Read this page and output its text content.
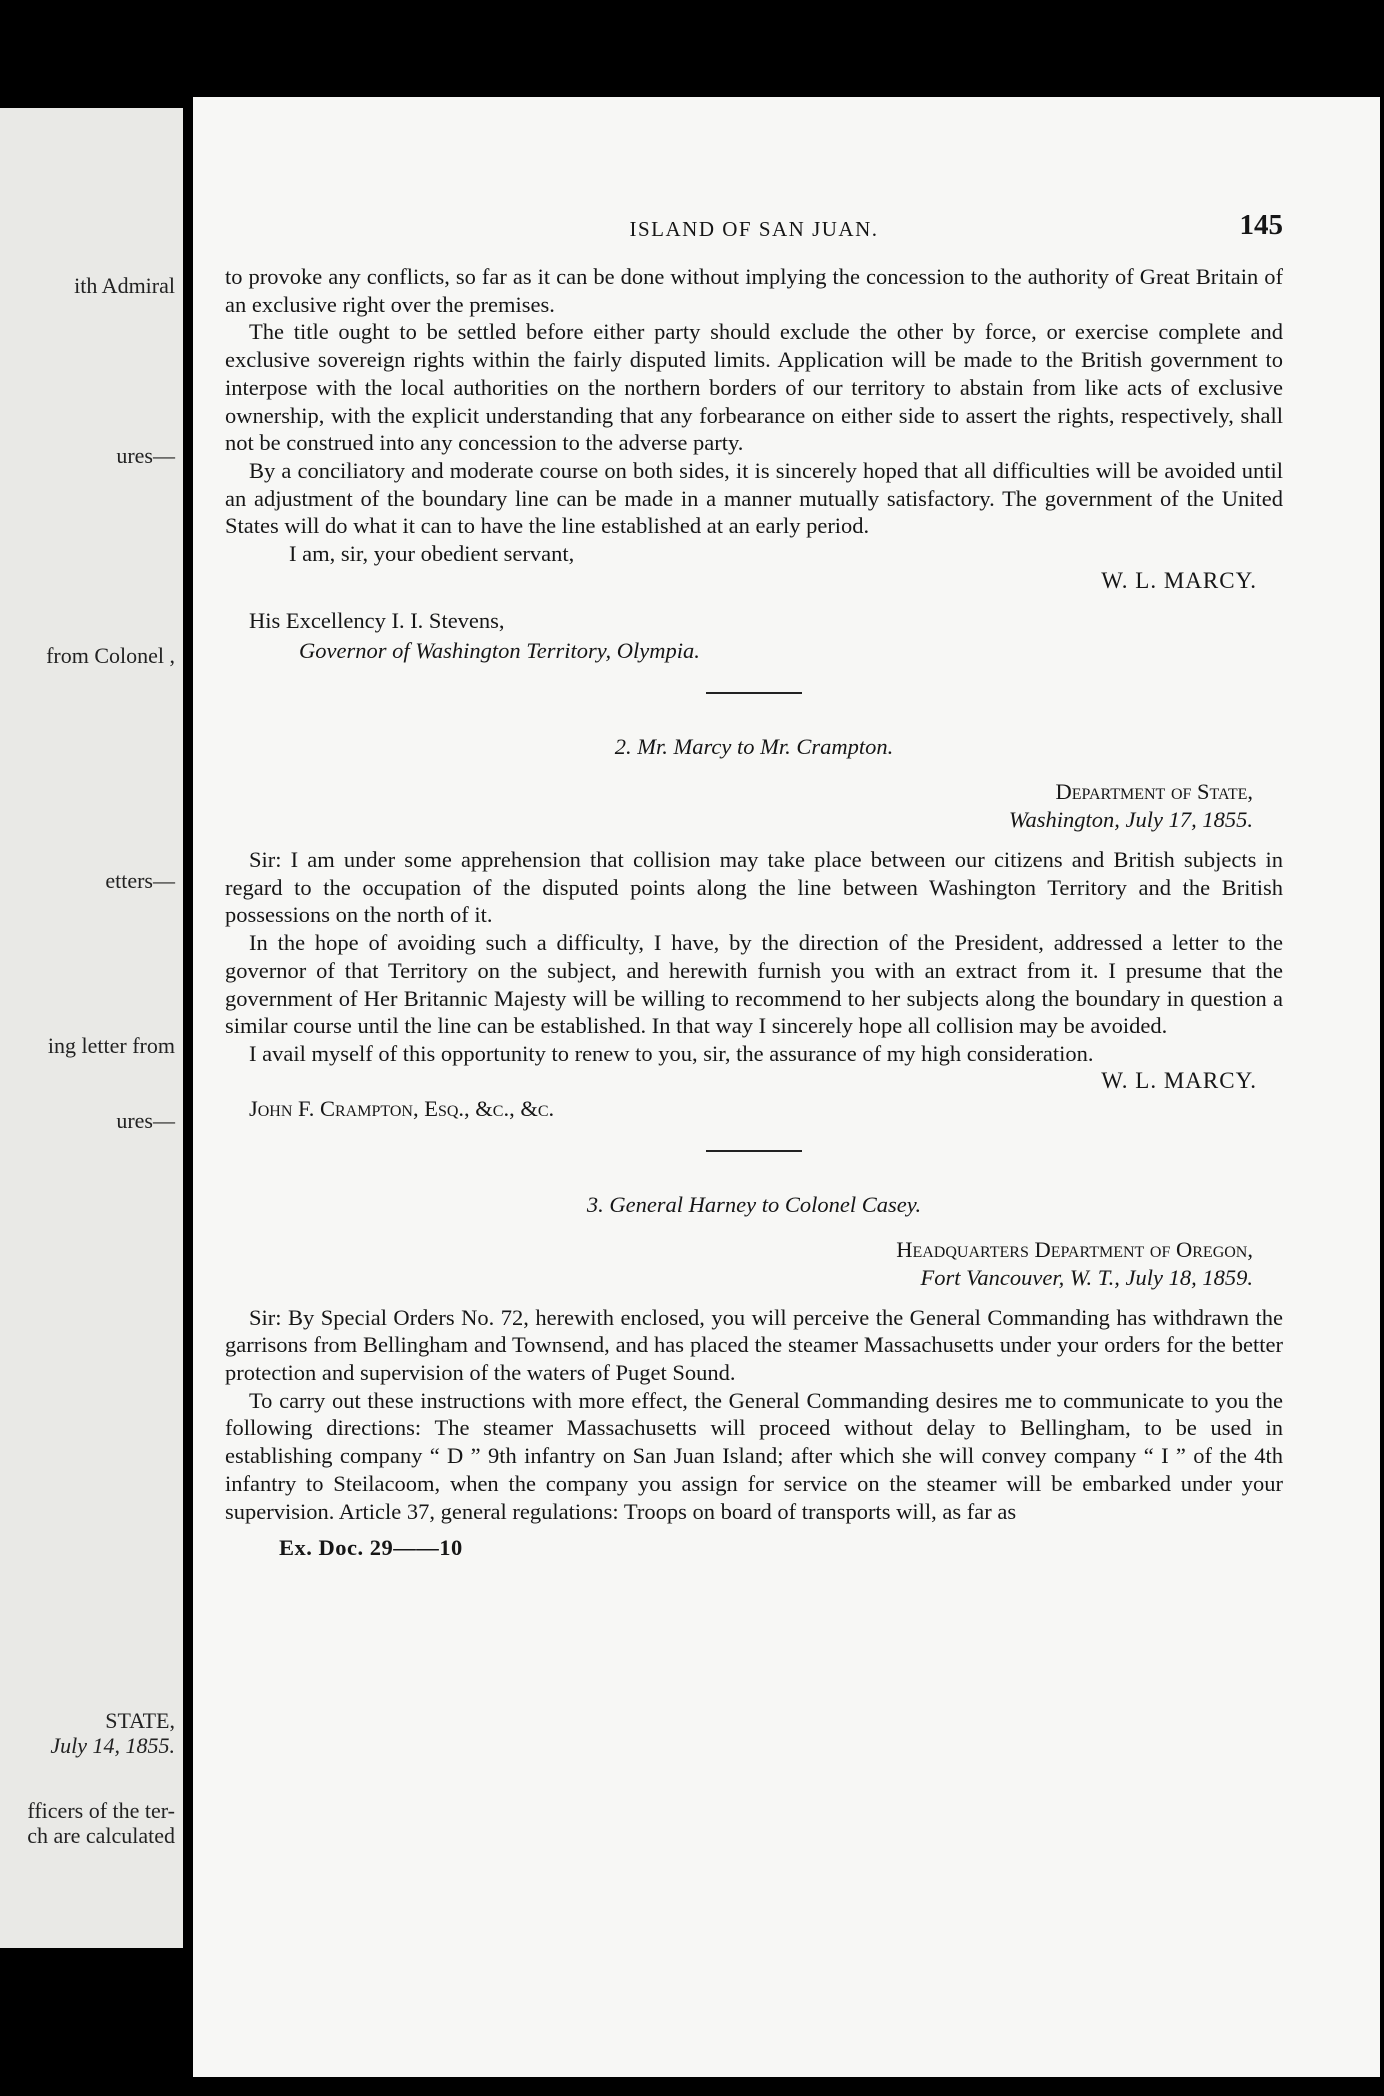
ith Admiral
ures—
from Colonel ,
etters—
ing letter from
ures—
STATE,
July 14, 1855.
fficers of the ter-
ch are calculated
ISLAND OF SAN JUAN.	145

to provoke any conflicts, so far as it can be done without implying the concession to the authority of Great Britain of an exclusive right over the premises.

The title ought to be settled before either party should exclude the other by force, or exercise complete and exclusive sovereign rights within the fairly disputed limits. Application will be made to the British government to interpose with the local authorities on the northern borders of our territory to abstain from like acts of exclusive ownership, with the explicit understanding that any forbearance on either side to assert the rights, respectively, shall not be construed into any concession to the adverse party.

By a conciliatory and moderate course on both sides, it is sincerely hoped that all difficulties will be avoided until an adjustment of the boundary line can be made in a manner mutually satisfactory. The government of the United States will do what it can to have the line established at an early period.

I am, sir, your obedient servant,
W. L. MARCY.
His Excellency I. I. Stevens,
Governor of Washington Territory, Olympia.
2. Mr. Marcy to Mr. Crampton.
Department of State,
Washington, July 17, 1855.

Sir: I am under some apprehension that collision may take place between our citizens and British subjects in regard to the occupation of the disputed points along the line between Washington Territory and the British possessions on the north of it.

In the hope of avoiding such a difficulty, I have, by the direction of the President, addressed a letter to the governor of that Territory on the subject, and herewith furnish you with an extract from it. I presume that the government of Her Britannic Majesty will be willing to recommend to her subjects along the boundary in question a similar course until the line can be established. In that way I sincerely hope all collision may be avoided.

I avail myself of this opportunity to renew to you, sir, the assurance of my high consideration.

W. L. MARCY.
John F. Crampton, Esq., &c., &c.
3. General Harney to Colonel Casey.
Headquarters Department of Oregon,
Fort Vancouver, W. T., July 18, 1859.

Sir: By Special Orders No. 72, herewith enclosed, you will perceive the General Commanding has withdrawn the garrisons from Bellingham and Townsend, and has placed the steamer Massachusetts under your orders for the better protection and supervision of the waters of Puget Sound.

To carry out these instructions with more effect, the General Commanding desires me to communicate to you the following directions: The steamer Massachusetts will proceed without delay to Bellingham, to be used in establishing company “ D ” 9th infantry on San Juan Island; after which she will convey company “ I ” of the 4th infantry to Steilacoom, when the company you assign for service on the steamer will be embarked under your supervision. Article 37, general regulations: Troops on board of transports will, as far as

Ex. Doc. 29——10
